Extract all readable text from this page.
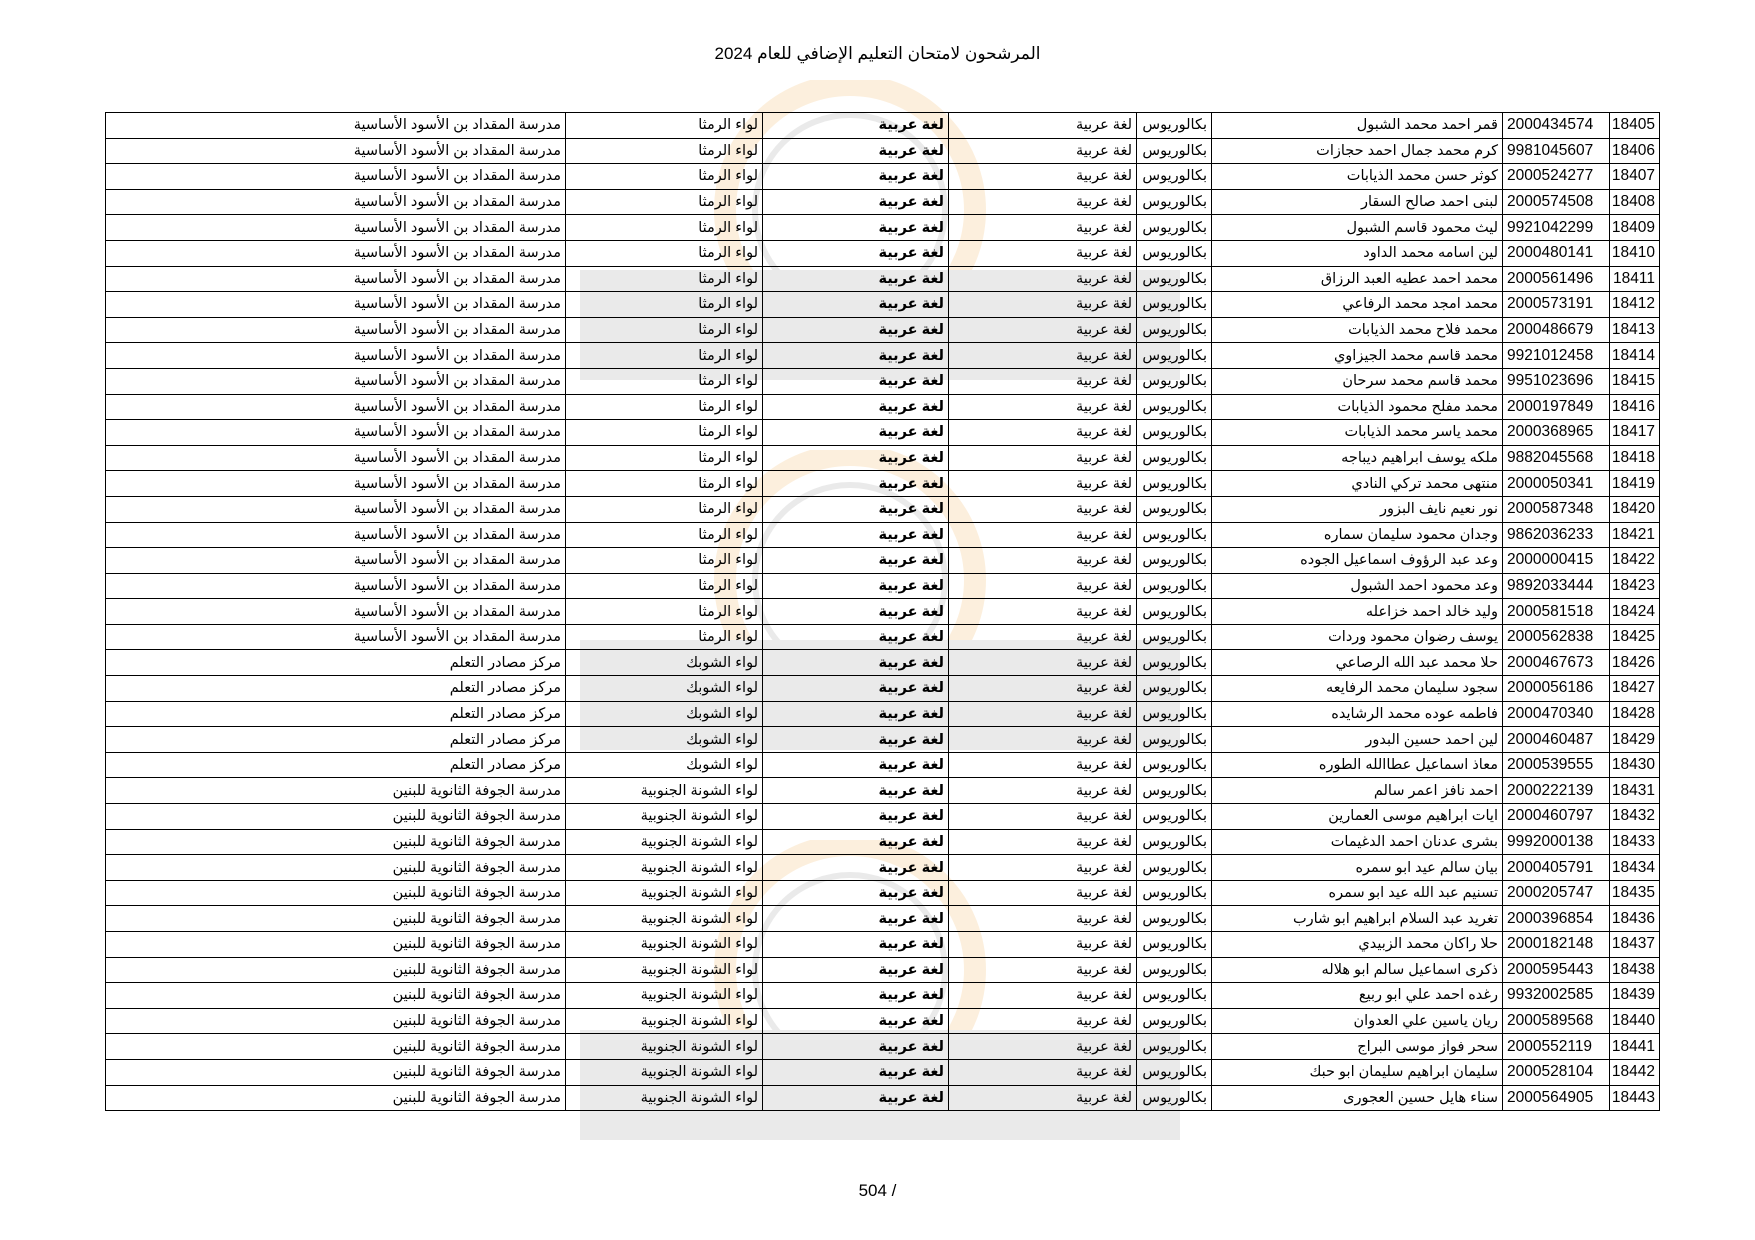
المرشحون لامتحان التعليم الإضافي للعام 2024
18405	2000434574	قمر احمد محمد الشبول	بكالوريوس	لغة عربية	لغة عربية	لواء الرمثا	مدرسة المقداد بن الأسود الأساسية
18406	9981045607	كرم محمد جمال احمد حجازات	بكالوريوس	لغة عربية	لغة عربية	لواء الرمثا	مدرسة المقداد بن الأسود الأساسية
18407	2000524277	كوثر حسن محمد الذيابات	بكالوريوس	لغة عربية	لغة عربية	لواء الرمثا	مدرسة المقداد بن الأسود الأساسية
18408	2000574508	لبنى احمد صالح السقار	بكالوريوس	لغة عربية	لغة عربية	لواء الرمثا	مدرسة المقداد بن الأسود الأساسية
18409	9921042299	ليث محمود قاسم الشبول	بكالوريوس	لغة عربية	لغة عربية	لواء الرمثا	مدرسة المقداد بن الأسود الأساسية
18410	2000480141	لين اسامه محمد الداود	بكالوريوس	لغة عربية	لغة عربية	لواء الرمثا	مدرسة المقداد بن الأسود الأساسية
18411	2000561496	محمد احمد عطيه العبد الرزاق	بكالوريوس	لغة عربية	لغة عربية	لواء الرمثا	مدرسة المقداد بن الأسود الأساسية
18412	2000573191	محمد امجد محمد الرفاعي	بكالوريوس	لغة عربية	لغة عربية	لواء الرمثا	مدرسة المقداد بن الأسود الأساسية
18413	2000486679	محمد فلاح محمد الذيابات	بكالوريوس	لغة عربية	لغة عربية	لواء الرمثا	مدرسة المقداد بن الأسود الأساسية
18414	9921012458	محمد قاسم محمد الجيزاوي	بكالوريوس	لغة عربية	لغة عربية	لواء الرمثا	مدرسة المقداد بن الأسود الأساسية
18415	9951023696	محمد قاسم محمد سرحان	بكالوريوس	لغة عربية	لغة عربية	لواء الرمثا	مدرسة المقداد بن الأسود الأساسية
18416	2000197849	محمد مفلح محمود الذيابات	بكالوريوس	لغة عربية	لغة عربية	لواء الرمثا	مدرسة المقداد بن الأسود الأساسية
18417	2000368965	محمد ياسر محمد الذيابات	بكالوريوس	لغة عربية	لغة عربية	لواء الرمثا	مدرسة المقداد بن الأسود الأساسية
18418	9882045568	ملكه يوسف ابراهيم ديباجه	بكالوريوس	لغة عربية	لغة عربية	لواء الرمثا	مدرسة المقداد بن الأسود الأساسية
18419	2000050341	منتهى محمد تركي النادي	بكالوريوس	لغة عربية	لغة عربية	لواء الرمثا	مدرسة المقداد بن الأسود الأساسية
18420	2000587348	نور نعيم نايف البزور	بكالوريوس	لغة عربية	لغة عربية	لواء الرمثا	مدرسة المقداد بن الأسود الأساسية
18421	9862036233	وجدان محمود سليمان سماره	بكالوريوس	لغة عربية	لغة عربية	لواء الرمثا	مدرسة المقداد بن الأسود الأساسية
18422	2000000415	وعد عبد الرؤوف اسماعيل الجوده	بكالوريوس	لغة عربية	لغة عربية	لواء الرمثا	مدرسة المقداد بن الأسود الأساسية
18423	9892033444	وعد محمود احمد الشبول	بكالوريوس	لغة عربية	لغة عربية	لواء الرمثا	مدرسة المقداد بن الأسود الأساسية
18424	2000581518	وليد خالد احمد خزاعله	بكالوريوس	لغة عربية	لغة عربية	لواء الرمثا	مدرسة المقداد بن الأسود الأساسية
18425	2000562838	يوسف رضوان محمود وردات	بكالوريوس	لغة عربية	لغة عربية	لواء الرمثا	مدرسة المقداد بن الأسود الأساسية
18426	2000467673	حلا محمد عبد الله الرصاعي	بكالوريوس	لغة عربية	لغة عربية	لواء الشوبك	مركز مصادر التعلم
18427	2000056186	سجود سليمان محمد الرفايعه	بكالوريوس	لغة عربية	لغة عربية	لواء الشوبك	مركز مصادر التعلم
18428	2000470340	فاطمه عوده محمد الرشايده	بكالوريوس	لغة عربية	لغة عربية	لواء الشوبك	مركز مصادر التعلم
18429	2000460487	لين احمد حسين البدور	بكالوريوس	لغة عربية	لغة عربية	لواء الشوبك	مركز مصادر التعلم
18430	2000539555	معاذ اسماعيل عطاالله الطوره	بكالوريوس	لغة عربية	لغة عربية	لواء الشوبك	مركز مصادر التعلم
18431	2000222139	احمد نافز اعمر سالم	بكالوريوس	لغة عربية	لغة عربية	لواء الشونة الجنوبية	مدرسة الجوفة الثانوية للبنين
18432	2000460797	ايات ابراهيم موسى العمارين	بكالوريوس	لغة عربية	لغة عربية	لواء الشونة الجنوبية	مدرسة الجوفة الثانوية للبنين
18433	9992000138	بشرى عدنان احمد الدغيمات	بكالوريوس	لغة عربية	لغة عربية	لواء الشونة الجنوبية	مدرسة الجوفة الثانوية للبنين
18434	2000405791	بيان سالم عيد ابو سمره	بكالوريوس	لغة عربية	لغة عربية	لواء الشونة الجنوبية	مدرسة الجوفة الثانوية للبنين
18435	2000205747	تسنيم عبد الله عيد ابو سمره	بكالوريوس	لغة عربية	لغة عربية	لواء الشونة الجنوبية	مدرسة الجوفة الثانوية للبنين
18436	2000396854	تغريد عبد السلام ابراهيم ابو شارب	بكالوريوس	لغة عربية	لغة عربية	لواء الشونة الجنوبية	مدرسة الجوفة الثانوية للبنين
18437	2000182148	حلا راكان محمد الزبيدي	بكالوريوس	لغة عربية	لغة عربية	لواء الشونة الجنوبية	مدرسة الجوفة الثانوية للبنين
18438	2000595443	ذكرى اسماعيل سالم ابو هلاله	بكالوريوس	لغة عربية	لغة عربية	لواء الشونة الجنوبية	مدرسة الجوفة الثانوية للبنين
18439	9932002585	رغده احمد علي ابو ربيع	بكالوريوس	لغة عربية	لغة عربية	لواء الشونة الجنوبية	مدرسة الجوفة الثانوية للبنين
18440	2000589568	ريان ياسين علي العدوان	بكالوريوس	لغة عربية	لغة عربية	لواء الشونة الجنوبية	مدرسة الجوفة الثانوية للبنين
18441	2000552119	سحر فواز موسى البراج	بكالوريوس	لغة عربية	لغة عربية	لواء الشونة الجنوبية	مدرسة الجوفة الثانوية للبنين
18442	2000528104	سليمان ابراهيم سليمان ابو حبك	بكالوريوس	لغة عربية	لغة عربية	لواء الشونة الجنوبية	مدرسة الجوفة الثانوية للبنين
18443	2000564905	سناء هايل حسين العجورى	بكالوريوس	لغة عربية	لغة عربية	لواء الشونة الجنوبية	مدرسة الجوفة الثانوية للبنين
504 /
